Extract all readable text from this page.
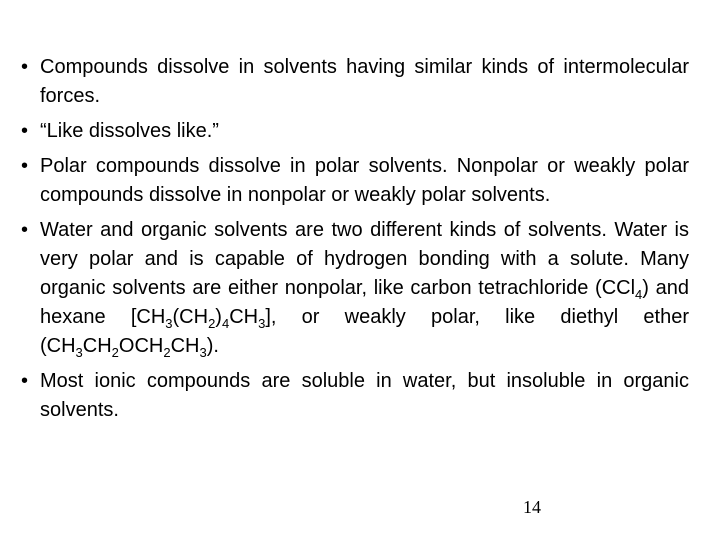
• Compounds dissolve in solvents having similar kinds of intermolecular forces.
• “Like dissolves like.”
• Polar compounds dissolve in polar solvents. Nonpolar or weakly polar compounds dissolve in nonpolar or weakly polar solvents.
• Water and organic solvents are two different kinds of solvents. Water is very polar and is capable of hydrogen bonding with a solute. Many organic solvents are either nonpolar, like carbon tetrachloride (CCl$_4$) and hexane $[CH_3(CH_2)_4CH_3]$, or weakly polar, like diethyl ether $(CH_3CH_2OCH_2CH_3)$.
• Most ionic compounds are soluble in water, but insoluble in organic solvents.
14
